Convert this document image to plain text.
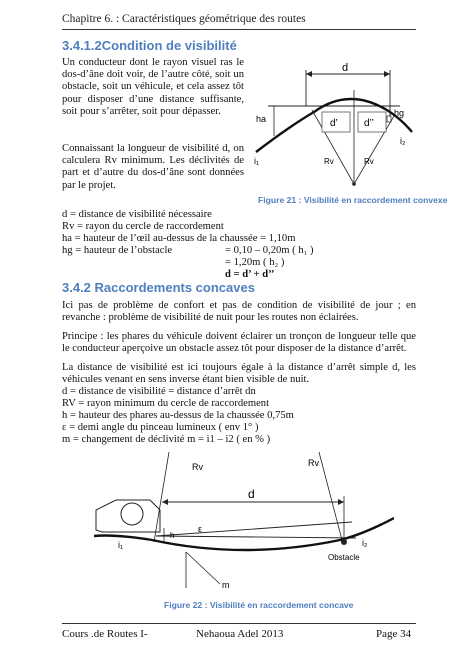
Chapitre 6. : Caractéristiques géométrique des routes
3.4.1.2Condition de visibilité
Un conducteur dont le rayon visuel ras le dos-d’âne doit voir, de l’autre côté, soit un obstacle, soit un véhicule, et cela assez tôt pour disposer d’une distance suffisante, soit pour s’arrêter, soit pour dépasser.
Connaissant la longueur de visibilité d, on calculera Rv minimum. Les déclivités de part et d’autre du dos-d’âne sont données par le projet.
d
ha
hg
d’	d’’
i₁
i₂
Rv	Rv
Figure 21 : Visibilité en raccordement convexe
d = distance de visibilité nécessaire
Rv = rayon du cercle de raccordement
ha = hauteur de l’œil au-dessus de la chaussée = 1,10m
hg = hauteur de l’obstacle	= 0,10 – 0,20m ( h₁ )
= 1,20m ( h₂ )
d = d’ + d’’
3.4.2 Raccordements concaves
Ici pas de problème de confort et pas de condition de visibilité de jour ; en revanche : problème de visibilité de nuit pour les routes non éclairées.
Principe : les phares du véhicule doivent éclairer un tronçon de longueur telle que le conducteur aperçoive un obstacle assez tôt pour disposer de la distance d’arrêt.
La distance de visibilité est ici toujours égale à la distance d’arrêt simple d, les véhicules venant en sens inverse étant bien visible de nuit.
d = distance de visibilité = distance d’arrêt dn
RV = rayon minimum du cercle de raccordement
h = hauteur des phares au-dessus de la chaussée 0,75m
ε = demi angle du pinceau lumineux ( env 1° )
m = changement de déclivité m = i1 – i2 ( en % )
Rv	Rv
ε
d
h
Obstacle
i₂
i₁
m
Figure 22 : Visibilité en raccordement concave
Cours .de Routes I-	Nehaoua Adel 2013	Page 34
